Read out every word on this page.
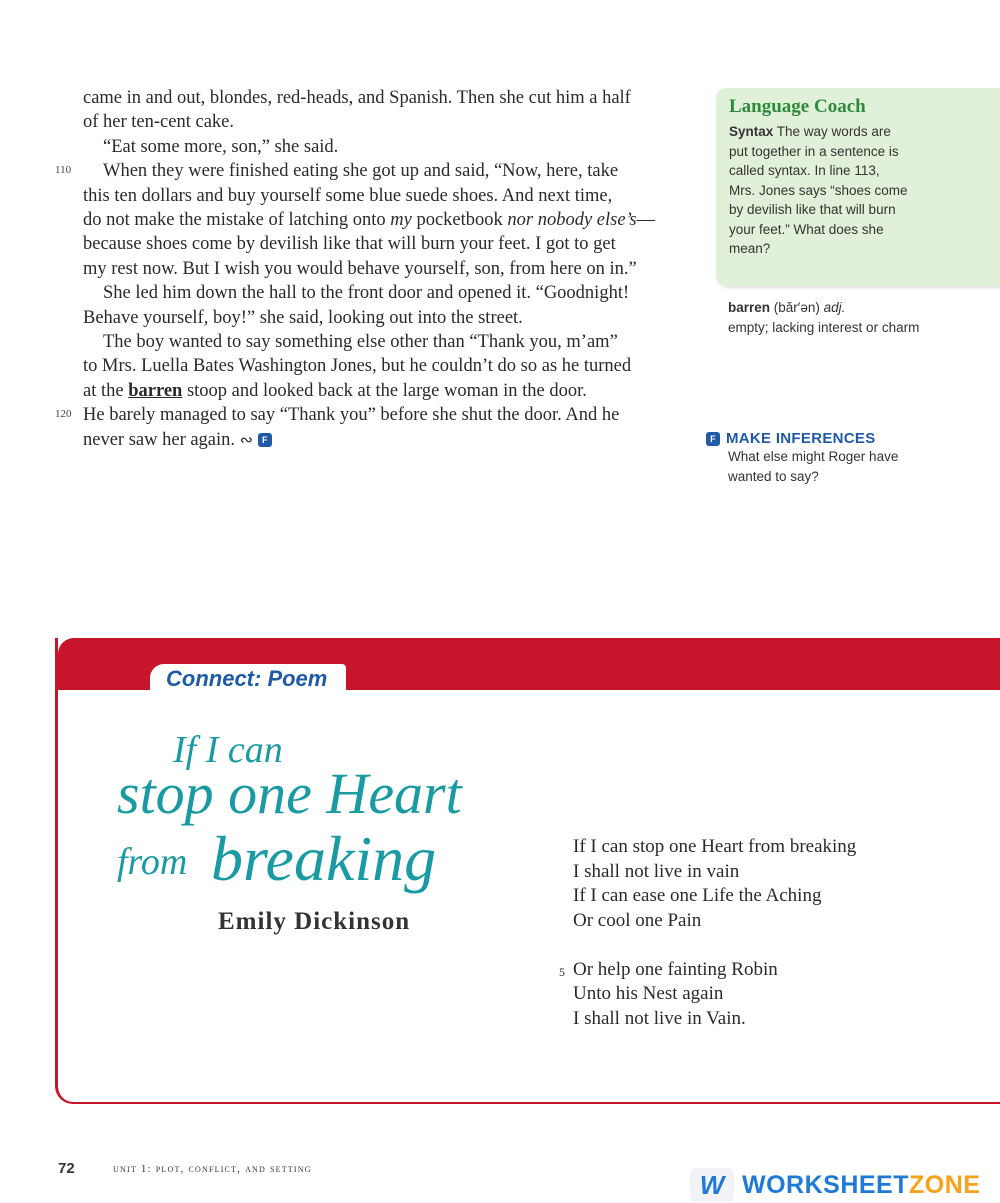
came in and out, blondes, red-heads, and Spanish. Then she cut him a half

of her ten-cent cake.

“Eat some more, son,” she said.

110	When they were finished eating she got up and said, “Now, here, take

this ten dollars and buy yourself some blue suede shoes. And next time,

do not make the mistake of latching onto my pocketbook nor nobody else’s—

because shoes come by devilish like that will burn your feet. I got to get

my rest now. But I wish you would behave yourself, son, from here on in.”

She led him down the hall to the front door and opened it. “Goodnight!

Behave yourself, boy!” she said, looking out into the street.

The boy wanted to say something else other than “Thank you, m’am”

to Mrs. Luella Bates Washington Jones, but he couldn’t do so as he turned

at the barren stoop and looked back at the large woman in the door.

120 He barely managed to say “Thank you” before she shut the door. And he

never saw her again. ∾ F

Language Coach

Syntax The way words are put together in a sentence is called syntax. In line 113, Mrs. Jones says “shoes come by devilish like that will burn your feet.” What does she mean?

barren (băr′ən) adj.
empty; lacking interest or charm
F MAKE INFERENCES
What else might Roger have wanted to say?
Connect: Poem
If I can
stop one Heart
from breaking
Emily Dickinson
If I can stop one Heart from breaking
I shall not live in vain
If I can ease one Life the Aching
Or cool one Pain
5 Or help one fainting Robin
Unto his Nest again
I shall not live in Vain.
72	unit 1: plot, conflict, and setting
W WORKSHEETZONE
